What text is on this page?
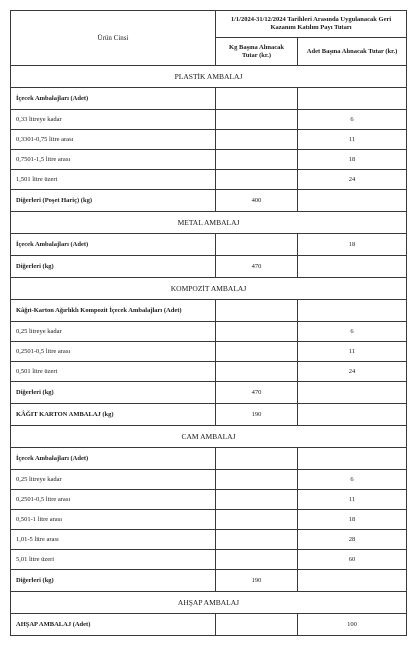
Ürün Cinsi	1/1/2024-31/12/2024 Tarihleri Arasında Uygulanacak Geri Kazanım Katılım Payı Tutarı	
	Kg Başına Alınacak Tutar (kr.)	Adet Başına Alınacak Tutar (kr.)
PLASTİK AMBALAJ		
İçecek Ambalajları (Adet)		
0,33 litreye kadar		6
0,3301-0,75 litre arası		11
0,7501-1,5 litre arası		18
1,501 litre üzeri		24
Diğerleri (Poşet Hariç) (kg)	400	
METAL AMBALAJ		
İçecek Ambalajları (Adet)		18
Diğerleri (kg)	470	
KOMPOZİT AMBALAJ		
Kâğıt-Karton Ağırlıklı Kompozit İçecek Ambalajları (Adet)		
0,25 litreye kadar		6
0,2501-0,5 litre arası		11
0,501 litre üzeri		24
Diğerleri (kg)	470	
KÂĞIT KARTON AMBALAJ (kg)	190	
CAM AMBALAJ		
İçecek Ambalajları (Adet)		
0,25 litreye kadar		6
0,2501-0,5 litre arası		11
0,501-1 litre arası		18
1,01-5 litre arası		28
5,01 litre üzeri		60
Diğerleri (kg)	190	
AHŞAP AMBALAJ		
AHŞAP AMBALAJ (Adet)		100
